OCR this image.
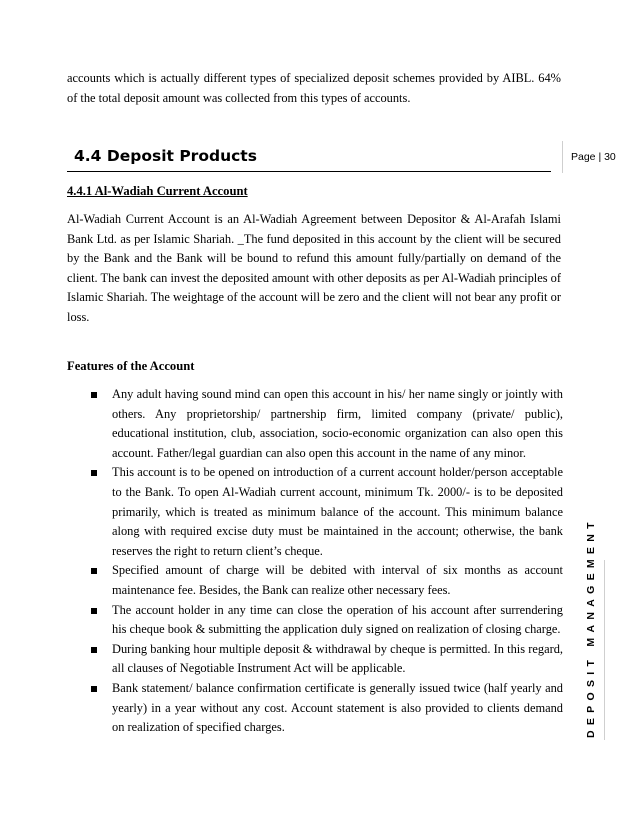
accounts which is actually different types of specialized deposit schemes provided by AIBL. 64% of the total deposit amount was collected from this types of accounts.
4.4 Deposit Products	Page | 30
4.4.1 Al-Wadiah Current Account
Al-Wadiah Current Account is an Al-Wadiah Agreement between Depositor & Al-Arafah Islami Bank Ltd. as per Islamic Shariah. _The fund deposited in this account by the client will be secured by the Bank and the Bank will be bound to refund this amount fully/partially on demand of the client. The bank can invest the deposited amount with other deposits as per Al-Wadiah principles of Islamic Shariah. The weightage of the account will be zero and the client will not bear any profit or loss.
Features of the Account
Any adult having sound mind can open this account in his/ her name singly or jointly with others. Any proprietorship/ partnership firm, limited company (private/ public), educational institution, club, association, socio-economic organization can also open this account. Father/legal guardian can also open this account in the name of any minor.
This account is to be opened on introduction of a current account holder/person acceptable to the Bank. To open Al-Wadiah current account, minimum Tk. 2000/- is to be deposited primarily, which is treated as minimum balance of the account. This minimum balance along with required excise duty must be maintained in the account; otherwise, the bank reserves the right to return client’s cheque.
Specified amount of charge will be debited with interval of six months as account maintenance fee. Besides, the Bank can realize other necessary fees.
The account holder in any time can close the operation of his account after surrendering his cheque book & submitting the application duly signed on realization of closing charge.
During banking hour multiple deposit & withdrawal by cheque is permitted. In this regard, all clauses of Negotiable Instrument Act will be applicable.
Bank statement/ balance confirmation certificate is generally issued twice (half yearly and yearly) in a year without any cost. Account statement is also provided to clients demand on realization of specified charges.	DEPOSIT MANAGEMENT
